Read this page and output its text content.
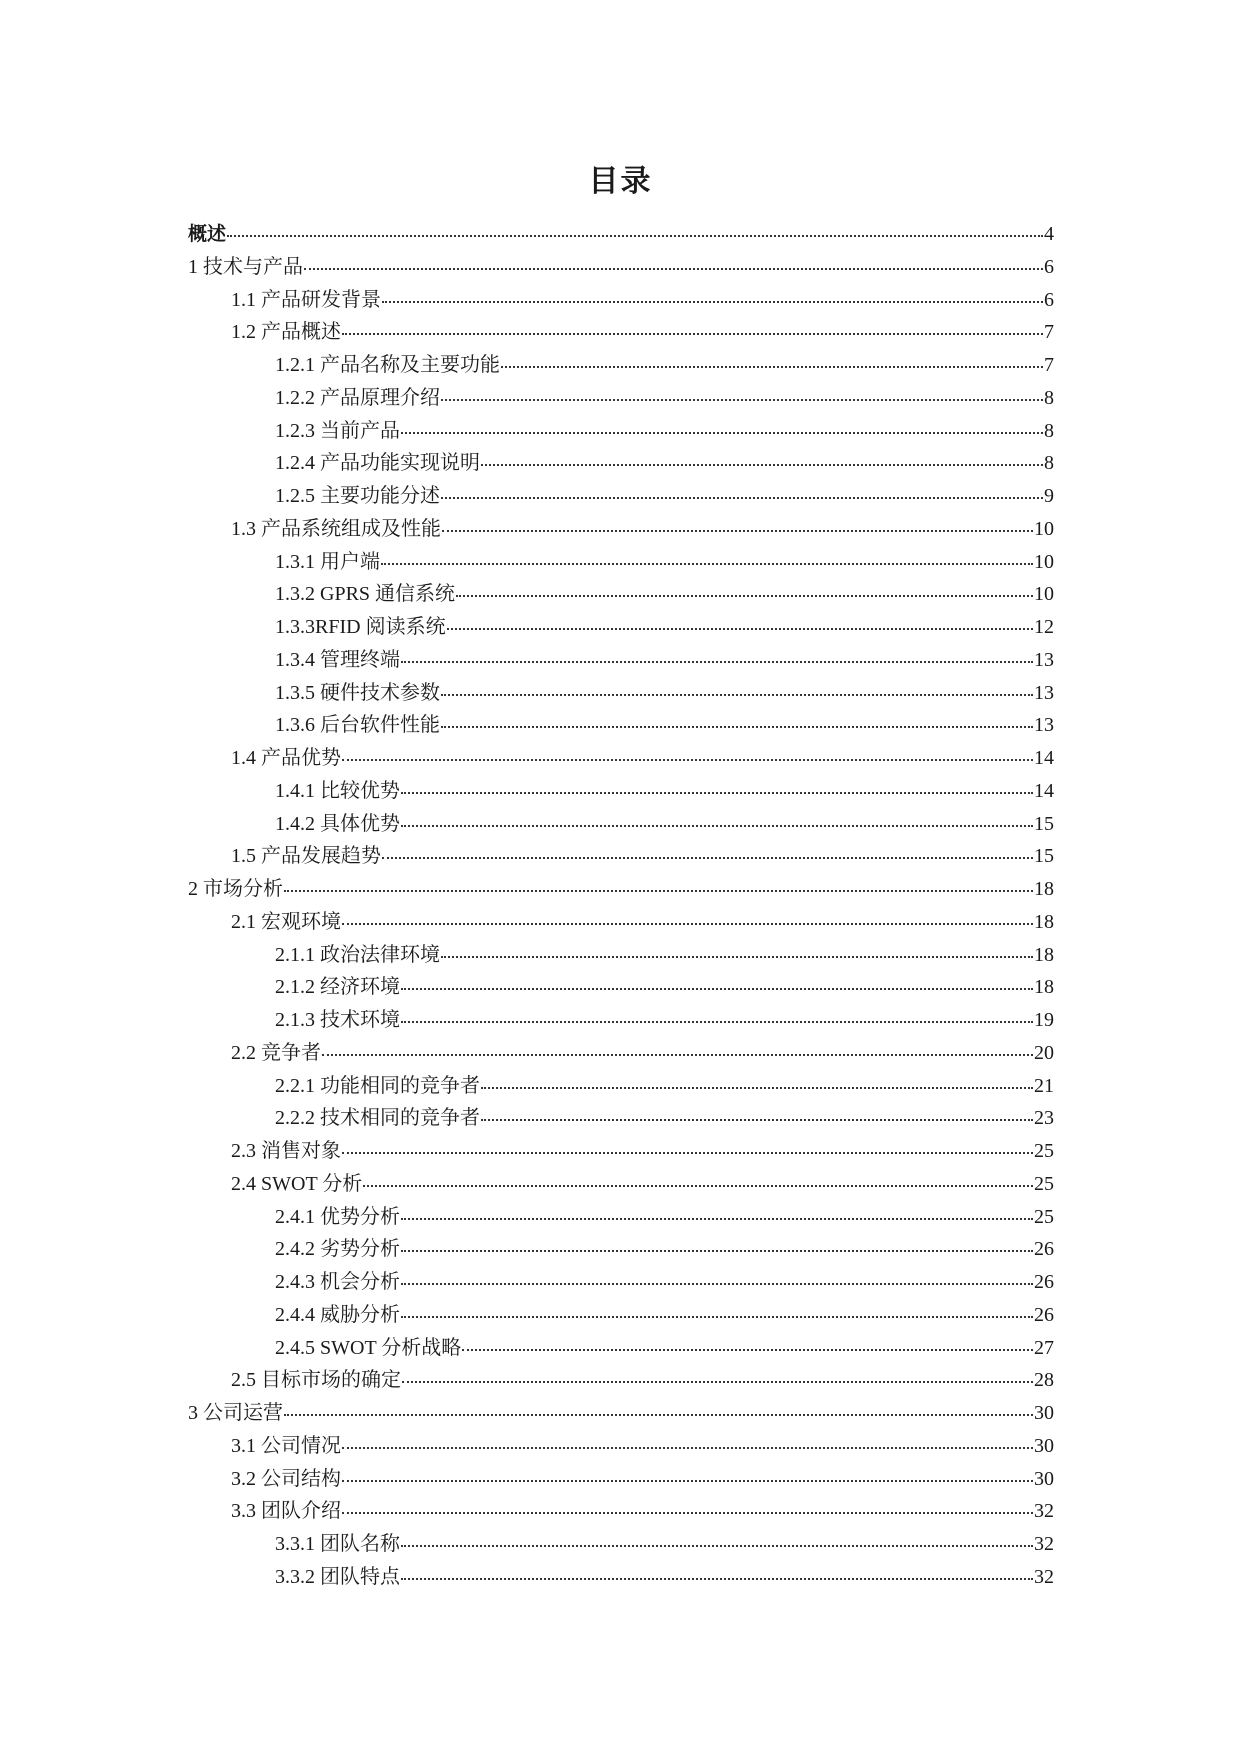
目录
概述	4
1 技术与产品	6
1.1 产品研发背景	6
1.2 产品概述	7
1.2.1 产品名称及主要功能	7
1.2.2 产品原理介绍	8
1.2.3 当前产品	8
1.2.4 产品功能实现说明	8
1.2.5 主要功能分述	9
1.3 产品系统组成及性能	10
1.3.1 用户端	10
1.3.2 GPRS 通信系统	10
1.3.3RFID 阅读系统	12
1.3.4 管理终端	13
1.3.5 硬件技术参数	13
1.3.6 后台软件性能	13
1.4 产品优势	14
1.4.1 比较优势	14
1.4.2 具体优势	15
1.5 产品发展趋势	15
2 市场分析	18
2.1 宏观环境	18
2.1.1 政治法律环境	18
2.1.2 经济环境	18
2.1.3 技术环境	19
2.2 竞争者	20
2.2.1 功能相同的竞争者	21
2.2.2 技术相同的竞争者	23
2.3 消售对象	25
2.4 SWOT 分析	25
2.4.1 优势分析	25
2.4.2 劣势分析	26
2.4.3 机会分析	26
2.4.4 威胁分析	26
2.4.5 SWOT 分析战略	27
2.5 目标市场的确定	28
3 公司运营	30
3.1 公司情况	30
3.2 公司结构	30
3.3 团队介绍	32
3.3.1 团队名称	32
3.3.2 团队特点	32
